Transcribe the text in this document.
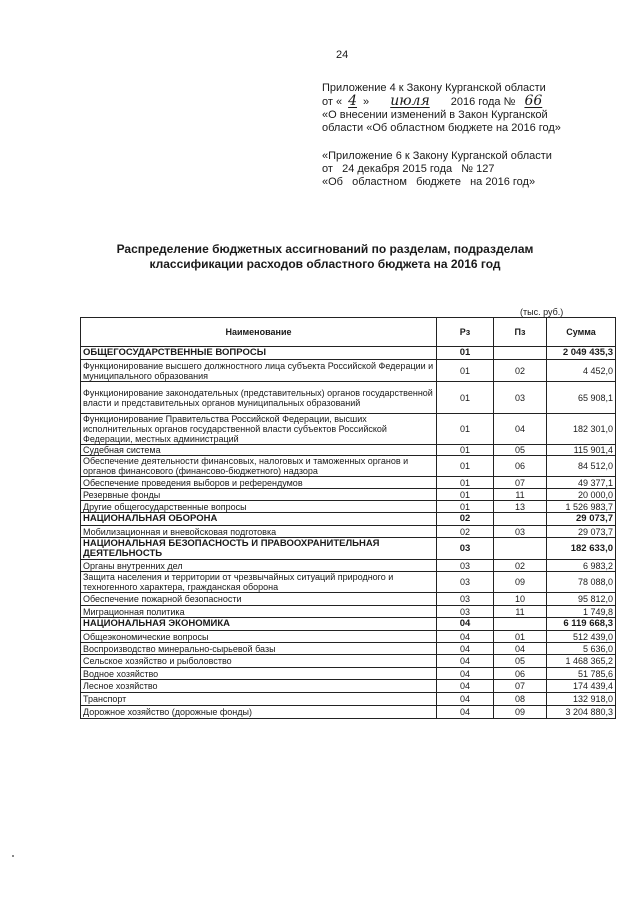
24
Приложение 4 к Закону Курганской области
от « 4 » июля 2016 года № 66
«О внесении изменений в Закон Курганской
области «Об областном бюджете на 2016 год»
«Приложение 6 к Закону Курганской области
от   24 декабря 2015 года   № 127
«Об   областном   бюджете   на 2016 год»
Распределение бюджетных ассигнований по разделам, подразделам
классификации расходов областного бюджета на 2016 год
(тыс. руб.)
Наименование	Рз	Пз	Сумма
ОБЩЕГОСУДАРСТВЕННЫЕ ВОПРОСЫ	01		2 049 435,3
Функционирование высшего должностного лица субъекта Российской Федерации и муниципального образования	01	02	4 452,0
Функционирование законодательных (представительных) органов государственной власти и представительных органов муниципальных образований	01	03	65 908,1
Функционирование Правительства Российской Федерации, высших исполнительных органов государственной власти субъектов Российской Федерации, местных администраций	01	04	182 301,0
Судебная система	01	05	115 901,4
Обеспечение деятельности финансовых, налоговых и таможенных органов и органов финансового (финансово-бюджетного) надзора	01	06	84 512,0
Обеспечение проведения выборов и референдумов	01	07	49 377,1
Резервные фонды	01	11	20 000,0
Другие общегосударственные вопросы	01	13	1 526 983,7
НАЦИОНАЛЬНАЯ ОБОРОНА	02		29 073,7
Мобилизационная и вневойсковая подготовка	02	03	29 073,7
НАЦИОНАЛЬНАЯ БЕЗОПАСНОСТЬ И ПРАВООХРАНИТЕЛЬНАЯ ДЕЯТЕЛЬНОСТЬ	03		182 633,0
Органы внутренних дел	03	02	6 983,2
Защита населения и территории от чрезвычайных ситуаций природного и техногенного характера, гражданская оборона	03	09	78 088,0
Обеспечение пожарной безопасности	03	10	95 812,0
Миграционная политика	03	11	1 749,8
НАЦИОНАЛЬНАЯ ЭКОНОМИКА	04		6 119 668,3
Общеэкономические вопросы	04	01	512 439,0
Воспроизводство минерально-сырьевой базы	04	04	5 636,0
Сельское хозяйство и рыболовство	04	05	1 468 365,2
Водное хозяйство	04	06	51 785,6
Лесное хозяйство	04	07	174 439,4
Транспорт	04	08	132 918,0
Дорожное хозяйство (дорожные фонды)	04	09	3 204 880,3
